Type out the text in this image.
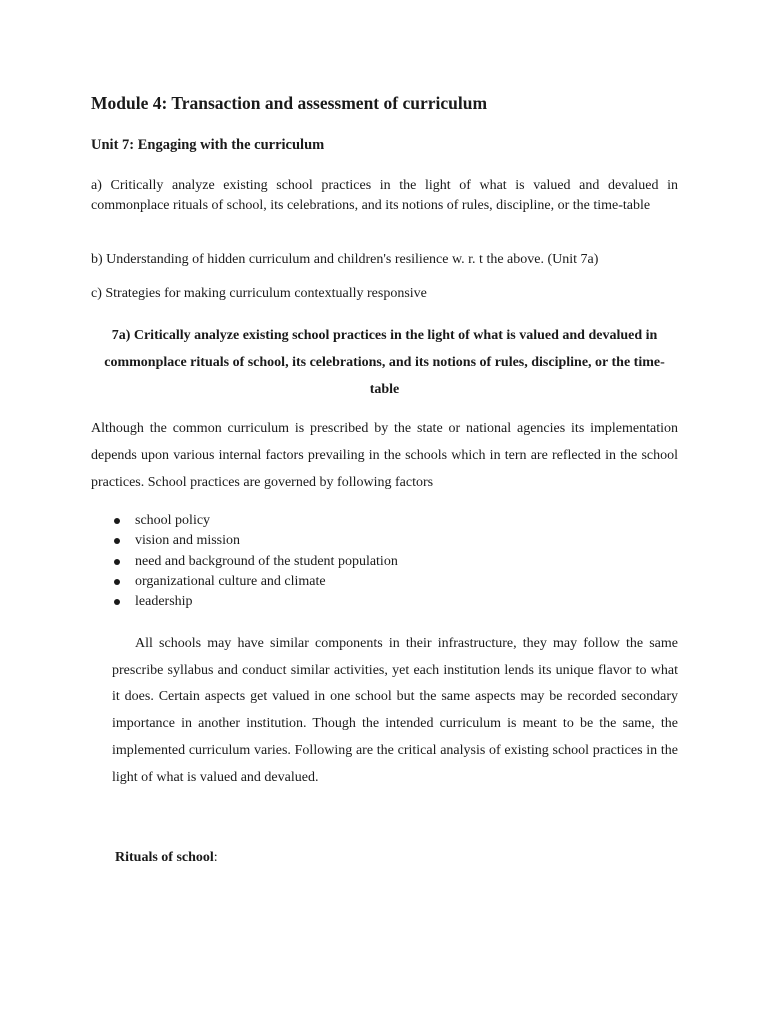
Module 4: Transaction and assessment of curriculum
Unit 7: Engaging with the curriculum

a) Critically analyze existing school practices in the light of what is valued and devalued in commonplace rituals of school, its celebrations, and its notions of rules, discipline, or the time-table

b) Understanding of hidden curriculum and children's resilience w. r. t the above. (Unit 7a)

c) Strategies for making curriculum contextually responsive

7a) Critically analyze existing school practices in the light of what is valued and devalued in commonplace rituals of school, its celebrations, and its notions of rules, discipline, or the time-table

Although the common curriculum is prescribed by the state or national agencies its implementation depends upon various internal factors prevailing in the schools which in tern are reflected in the school practices. School practices are governed by following factors

school policy
vision and mission
need and background of the student population
organizational culture and climate
leadership

All schools may have similar components in their infrastructure, they may follow the same prescribe syllabus and conduct similar activities, yet each institution lends its unique flavor to what it does. Certain aspects get valued in one school but the same aspects may be recorded secondary importance in another institution. Though the intended curriculum is meant to be the same, the implemented curriculum varies. Following are the critical analysis of existing school practices in the light of what is valued and devalued.

Rituals of school:
